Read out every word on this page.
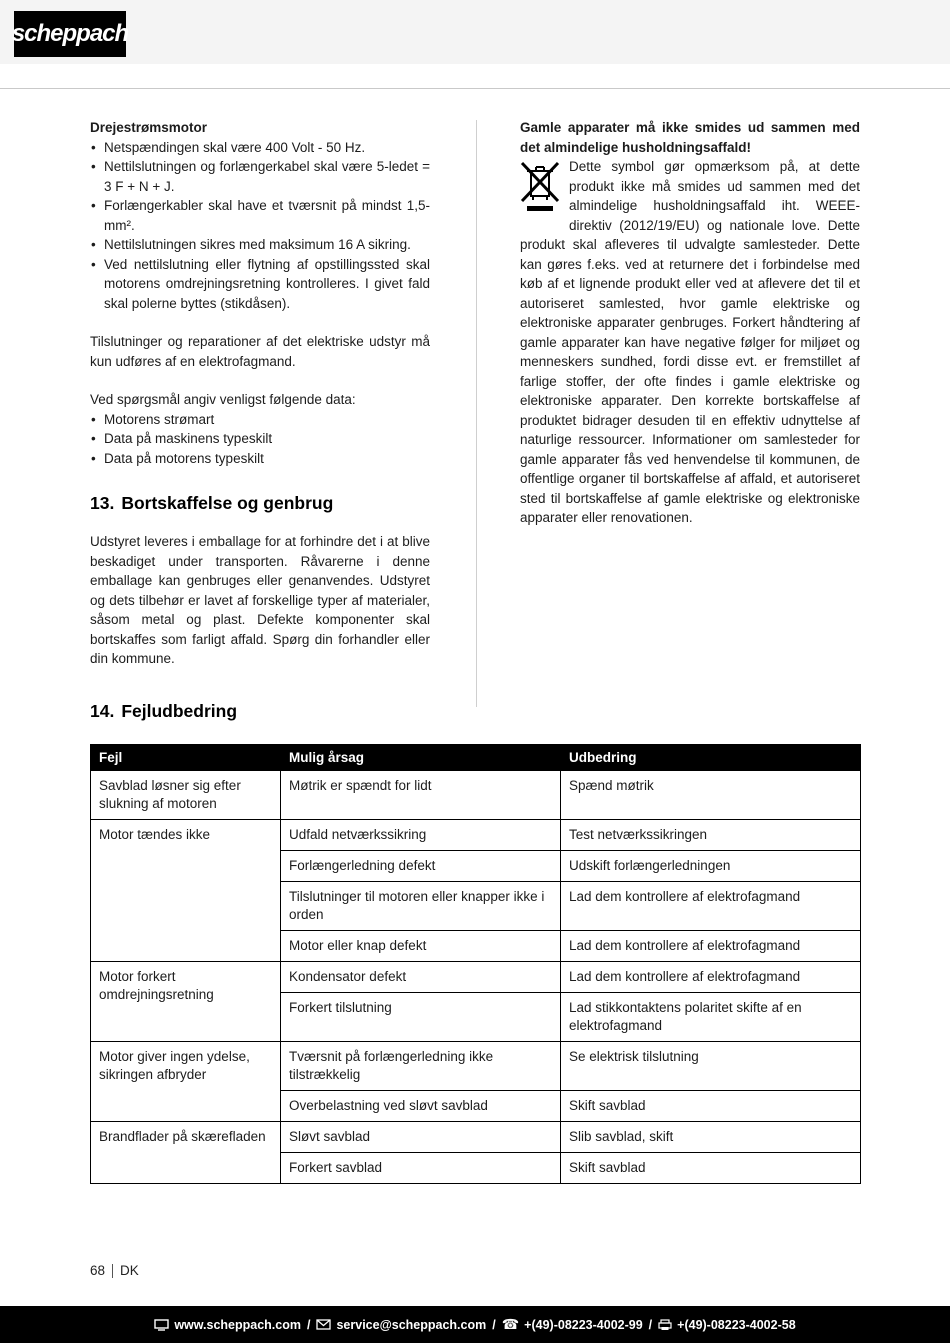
scheppach
Drejestrømsmotor
• Netspændingen skal være 400 Volt - 50 Hz.
• Nettilslutningen og forlængerkabel skal være 5-ledet = 3 F + N + J.
• Forlængerkabler skal have et tværsnit på mindst 1,5-mm².
• Nettilslutningen sikres med maksimum 16 A sikring.
• Ved nettilslutning eller flytning af opstillingssted skal motorens omdrejningsretning kontrolleres. I givet fald skal polerne byttes (stikdåsen).

Tilslutninger og reparationer af det elektriske udstyr må kun udføres af en elektrofagmand.

Ved spørgsmål angiv venligst følgende data:

• Motorens strømart
• Data på maskinens typeskilt
• Data på motorens typeskilt
13. Bortskaffelse og genbrug

Udstyret leveres i emballage for at forhindre det i at blive beskadiget under transporten. Råvarerne i denne emballage kan genbruges eller genanvendes. Udstyret og dets tilbehør er lavet af forskellige typer af materialer, såsom metal og plast. Defekte komponenter skal bortskaffes som farligt affald. Spørg din forhandler eller din kommune.

Gamle apparater må ikke smides ud sammen med det almindelige husholdningsaffald!

Dette symbol gør opmærksom på, at dette produkt ikke må smides ud sammen med det almindelige husholdningsaffald iht. WEEE-direktiv (2012/19/EU) og nationale love. Dette produkt skal afleveres til udvalgte samlesteder. Dette kan gøres f.eks. ved at returnere det i forbindelse med køb af et lignende produkt eller ved at aflevere det til et autoriseret samlested, hvor gamle elektriske og elektroniske apparater genbruges. Forkert håndtering af gamle apparater kan have negative følger for miljøet og menneskers sundhed, fordi disse evt. er fremstillet af farlige stoffer, der ofte findes i gamle elektriske og elektroniske apparater. Den korrekte bortskaffelse af produktet bidrager desuden til en effektiv udnyttelse af naturlige ressourcer. Informationer om samlesteder for gamle apparater fås ved henvendelse til kommunen, de offentlige organer til bortskaffelse af affald, et autoriseret sted til bortskaffelse af gamle elektriske og elektroniske apparater eller renovationen.

14. Fejludbedring
Fejl	Mulig årsag	Udbedring
Savblad løsner sig efter slukning af motoren	Møtrik er spændt for lidt	Spænd møtrik
Motor tændes ikke	Udfald netværkssikring	Test netværkssikringen
	Forlængerledning defekt	Udskift forlængerledningen
	Tilslutninger til motoren eller knapper ikke i orden	Lad dem kontrollere af elektrofagmand
	Motor eller knap defekt	Lad dem kontrollere af elektrofagmand
Motor forkert omdrejningsretning	Kondensator defekt	Lad dem kontrollere af elektrofagmand
	Forkert tilslutning	Lad stikkontaktens polaritet skifte af en elektrofagmand
Motor giver ingen ydelse, sikringen afbryder	Tværsnit på forlængerledning ikke tilstrækkelig	Se elektrisk tilslutning
	Overbelastning ved sløvt savblad	Skift savblad
Brandflader på skærefladen	Sløvt savblad	Slib savblad, skift
	Forkert savblad	Skift savblad
68 DK
www.scheppach.com / service@scheppach.com / ☎ +(49)-08223-4002-99 / +(49)-08223-4002-58
